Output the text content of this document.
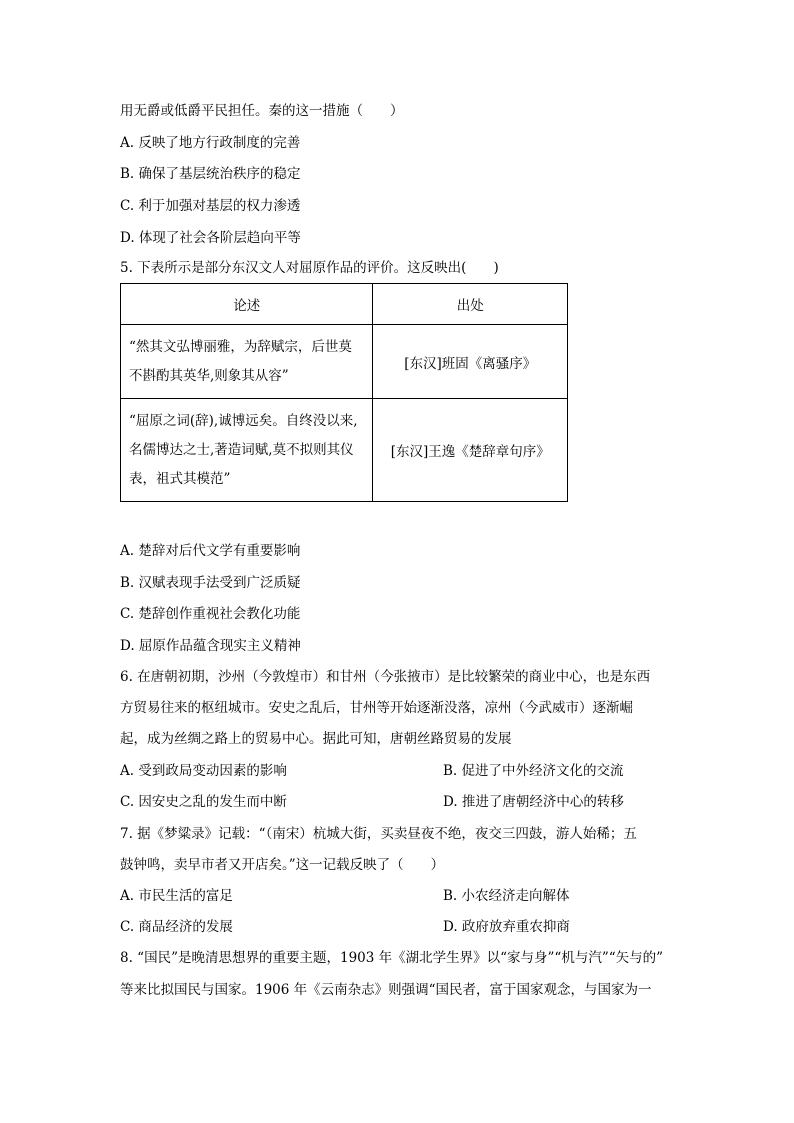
用无爵或低爵平民担任。秦的这一措施（　　）
A. 反映了地方行政制度的完善
B. 确保了基层统治秩序的稳定
C. 利于加强对基层的权力渗透
D. 体现了社会各阶层趋向平等
5. 下表所示是部分东汉文人对屈原作品的评价。这反映出(　　)
论述	出处

“然其文弘博丽雅，为辞赋宗，后世莫
不斟酌其英华,则象其从容”	[东汉]班固《离骚序》

“屈原之词(辞),诚博远矣。自终没以来,
名儒博达之士,著造词赋,莫不拟则其仪
表，祖式其模范”	[东汉]王逸《楚辞章句序》
A. 楚辞对后代文学有重要影响
B. 汉赋表现手法受到广泛质疑
C. 楚辞创作重视社会教化功能
D. 屈原作品蕴含现实主义精神
6. 在唐朝初期，沙州（今敦煌市）和甘州（今张掖市）是比较繁荣的商业中心，也是东西
方贸易往来的枢纽城市。安史之乱后，甘州等开始逐渐没落，凉州（今武威市）逐渐崛
起，成为丝绸之路上的贸易中心。据此可知，唐朝丝路贸易的发展
A. 受到政局变动因素的影响	B. 促进了中外经济文化的交流
C. 因安史之乱的发生而中断	D. 推进了唐朝经济中心的转移
7. 据《梦粱录》记载：“（南宋）杭城大街，买卖昼夜不绝，夜交三四鼓，游人始稀；五
鼓钟鸣，卖早市者又开店矣。”这一记载反映了（　　）
A. 市民生活的富足	B. 小农经济走向解体
C. 商品经济的发展	D. 政府放弃重农抑商
8. “国民”是晚清思想界的重要主题，1903 年《湖北学生界》以“家与身”“机与汽”“矢与的”
等来比拟国民与国家。1906 年《云南杂志》则强调“国民者，富于国家观念，与国家为一
